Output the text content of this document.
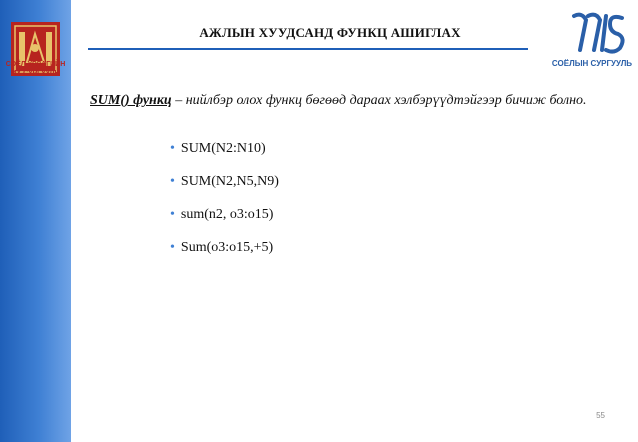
СОЁЛ УРЛАГИЙН
ИХ СУРГУУЛЬ
АЖЛЫН ХУУДСАНД ФУНКЦ АШИГЛАХ
СОЁЛЫН СУРГУУЛЬ
SUM() функц – нийлбэр олох функц бөгөөд дараах хэлбэрүүдтэйгээр бичиж болно.
• SUM(N2:N10)
• SUM(N2,N5,N9)
• sum(n2, o3:o15)
• Sum(o3:o15,+5)
55
